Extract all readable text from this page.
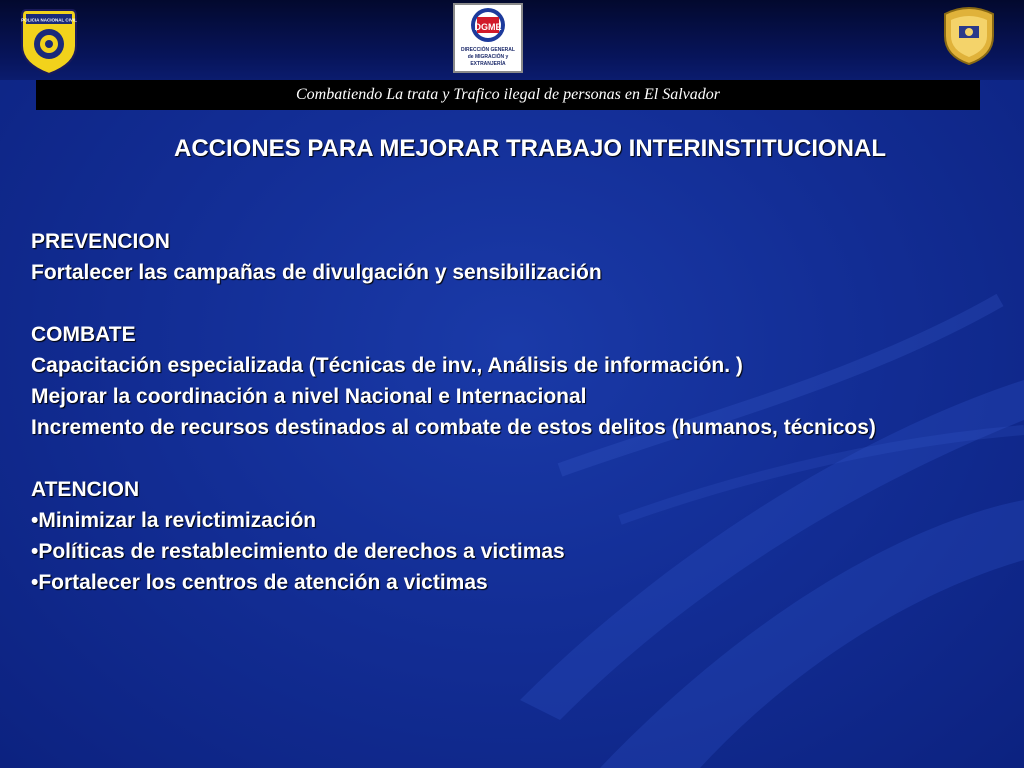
POLICIA NACIONAL CIVIL
DGME
DIRECCIÓN GENERAL
de MIGRACIÓN y
EXTRANJERÍA
Combatiendo La trata y Trafico ilegal de personas en El Salvador
ACCIONES PARA MEJORAR TRABAJO INTERINSTITUCIONAL
PREVENCION
Fortalecer las campañas de divulgación y sensibilización
COMBATE
Capacitación especializada (Técnicas de inv., Análisis de información. )
Mejorar la coordinación a nivel Nacional e Internacional
Incremento de recursos destinados al combate de estos delitos (humanos, técnicos)
ATENCION
•Minimizar la revictimización
•Políticas de restablecimiento de derechos a victimas
•Fortalecer los centros de atención a victimas
